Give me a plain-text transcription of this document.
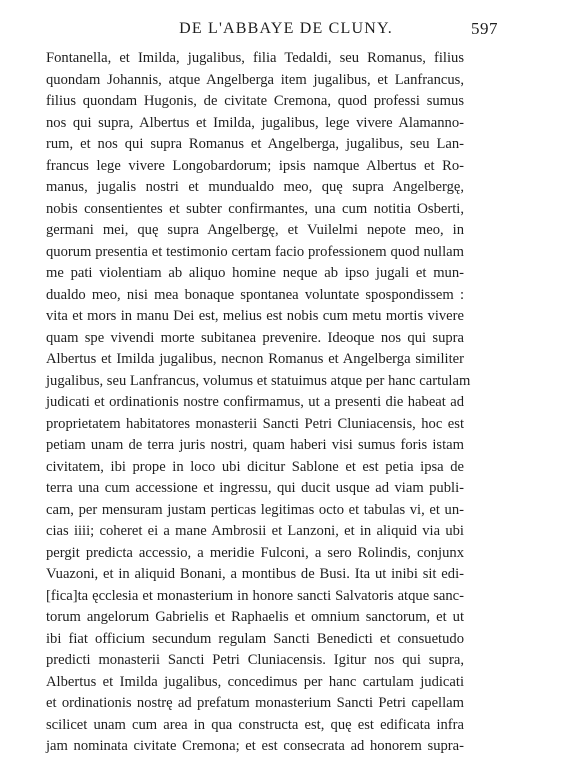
DE L'ABBAYE DE CLUNY.	597
Fontanella, et Imilda, jugalibus, filia Tedaldi, seu Romanus, filius
quondam Johannis, atque Angelberga item jugalibus, et Lanfrancus,
filius quondam Hugonis, de civitate Cremona, quod professi sumus
nos qui supra, Albertus et Imilda, jugalibus, lege vivere Alamanno-
rum, et nos qui supra Romanus et Angelberga, jugalibus, seu Lan-
francus lege vivere Longobardorum; ipsis namque Albertus et Ro-
manus, jugalis nostri et mundualdo meo, quę supra Angelbergę,
nobis consentientes et subter confirmantes, una cum notitia Osberti,
germani mei, quę supra Angelbergę, et Vuilelmi nepote meo, in
quorum presentia et testimonio certam facio professionem quod nullam
me pati violentiam ab aliquo homine neque ab ipso jugali et mun-
dualdo meo, nisi mea bonaque spontanea voluntate spospondissem :
vita et mors in manu Dei est, melius est nobis cum metu mortis vivere
quam spe vivendi morte subitanea prevenire. Ideoque nos qui supra
Albertus et Imilda jugalibus, necnon Romanus et Angelberga similiter
jugalibus, seu Lanfrancus, volumus et statuimus atque per hanc cartulam
judicati et ordinationis nostre confirmamus, ut a presenti die habeat ad
proprietatem habitatores monasterii Sancti Petri Cluniacensis, hoc est
petiam unam de terra juris nostri, quam haberi visi sumus foris istam
civitatem, ibi prope in loco ubi dicitur Sablone et est petia ipsa de
terra una cum accessione et ingressu, qui ducit usque ad viam publi-
cam, per mensuram justam perticas legitimas octo et tabulas vi, et un-
cias iiii; coheret ei a mane Ambrosii et Lanzoni, et in aliquid via ubi
pergit predicta accessio, a meridie Fulconi, a sero Rolindis, conjunx
Vuazoni, et in aliquid Bonani, a montibus de Busi. Ita ut inibi sit edi-
[fica]ta ęcclesia et monasterium in honore sancti Salvatoris atque sanc-
torum angelorum Gabrielis et Raphaelis et omnium sanctorum, et ut
ibi fiat officium secundum regulam Sancti Benedicti et consuetudo
predicti monasterii Sancti Petri Cluniacensis. Igitur nos qui supra,
Albertus et Imilda jugalibus, concedimus per hanc cartulam judicati
et ordinationis nostrę ad prefatum monasterium Sancti Petri capellam
scilicet unam cum area in qua constructa est, quę est edificata infra
jam nominata civitate Cremona; et est consecrata ad honorem supra-
